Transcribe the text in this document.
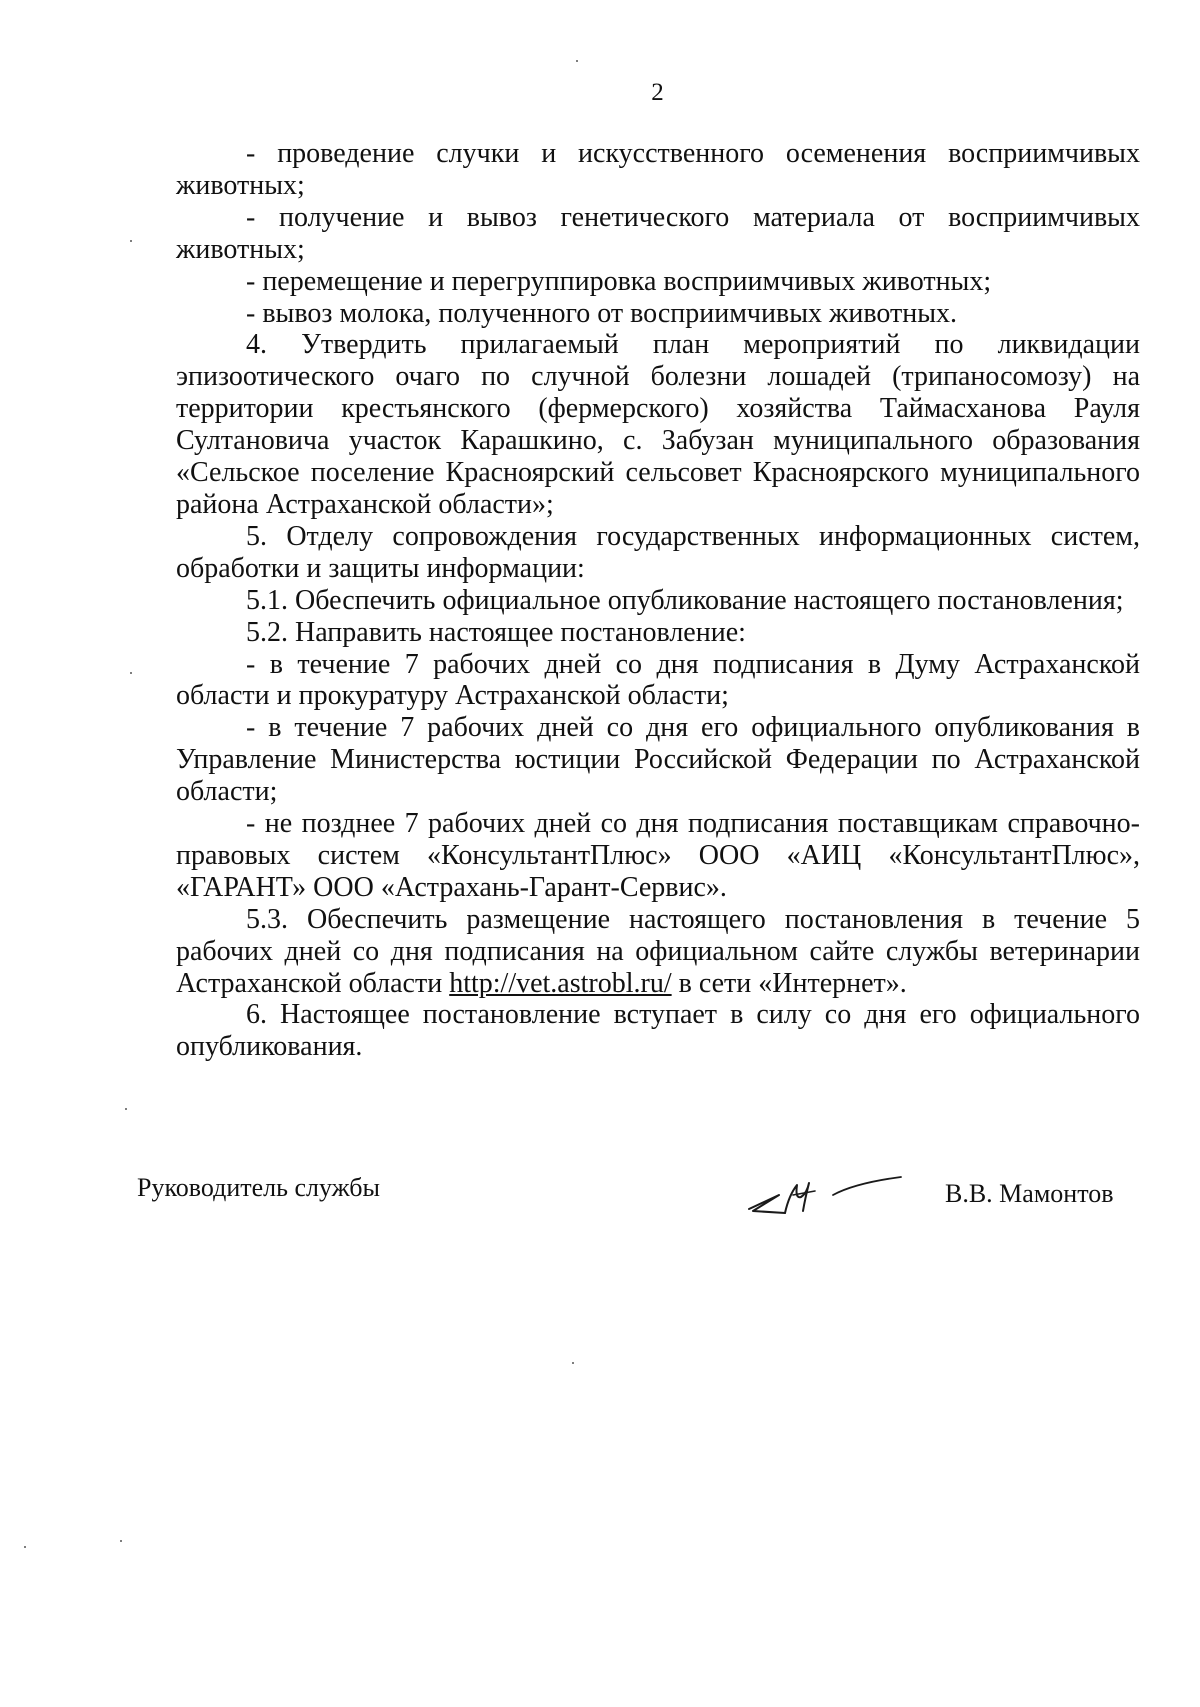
2

- проведение случки и искусственного осеменения восприимчивых животных;

- получение и вывоз генетического материала от восприимчивых животных;

- перемещение и перегруппировка восприимчивых животных;

- вывоз молока, полученного от восприимчивых животных.

4. Утвердить прилагаемый план мероприятий по ликвидации эпизоотического очаго по случной болезни лошадей (трипаносомозу) на территории крестьянского (фермерского) хозяйства Таймасханова Рауля Султановича участок Карашкино, с. Забузан муниципального образования «Сельское поселение Красноярский сельсовет Красноярского муниципального района Астраханской области»;

5. Отделу сопровождения государственных информационных систем, обработки и защиты информации:

5.1. Обеспечить официальное опубликование настоящего постановления;

5.2. Направить настоящее постановление:

- в течение 7 рабочих дней со дня подписания в Думу Астраханской области и прокуратуру Астраханской области;

- в течение 7 рабочих дней со дня его официального опубликования в Управление Министерства юстиции Российской Федерации по Астраханской области;

- не позднее 7 рабочих дней со дня подписания поставщикам справочно-правовых систем «КонсультантПлюс» ООО «АИЦ «КонсультантПлюс», «ГАРАНТ» ООО «Астрахань-Гарант-Сервис».

5.3. Обеспечить размещение настоящего постановления в течение 5 рабочих дней со дня подписания на официальном сайте службы ветеринарии Астраханской области http://vet.astrobl.ru/ в сети «Интернет».

6. Настоящее постановление вступает в силу со дня его официального опубликования.

Руководитель службы	В.В. Мамонтов
